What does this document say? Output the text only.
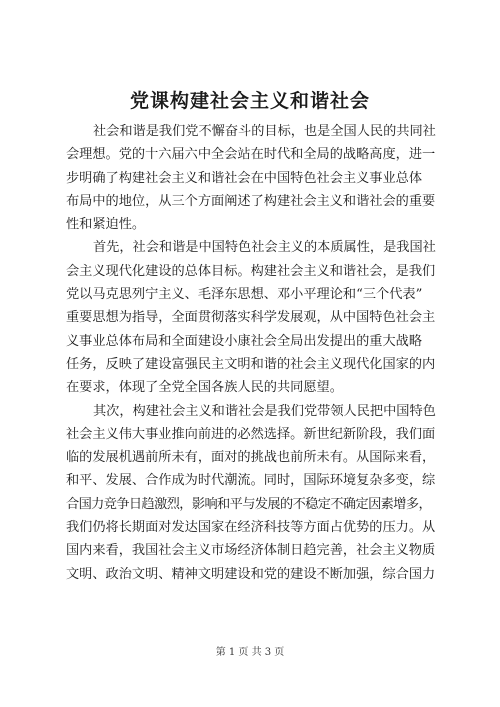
党课构建社会主义和谐社会
社会和谐是我们党不懈奋斗的目标，也是全国人民的共同社
会理想。党的十六届六中全会站在时代和全局的战略高度，进一
步明确了构建社会主义和谐社会在中国特色社会主义事业总体
布局中的地位，从三个方面阐述了构建社会主义和谐社会的重要
性和紧迫性。
首先，社会和谐是中国特色社会主义的本质属性，是我国社
会主义现代化建设的总体目标。构建社会主义和谐社会，是我们
党以马克思列宁主义、毛泽东思想、邓小平理论和“三个代表”
重要思想为指导，全面贯彻落实科学发展观，从中国特色社会主
义事业总体布局和全面建设小康社会全局出发提出的重大战略
任务，反映了建设富强民主文明和谐的社会主义现代化国家的内
在要求，体现了全党全国各族人民的共同愿望。
其次，构建社会主义和谐社会是我们党带领人民把中国特色
社会主义伟大事业推向前进的必然选择。新世纪新阶段，我们面
临的发展机遇前所未有，面对的挑战也前所未有。从国际来看，
和平、发展、合作成为时代潮流。同时，国际环境复杂多变，综
合国力竞争日趋激烈，影响和平与发展的不稳定不确定因素增多，
我们仍将长期面对发达国家在经济科技等方面占优势的压力。从
国内来看，我国社会主义市场经济体制日趋完善，社会主义物质
文明、政治文明、精神文明建设和党的建设不断加强，综合国力
第 1 页 共 3 页
